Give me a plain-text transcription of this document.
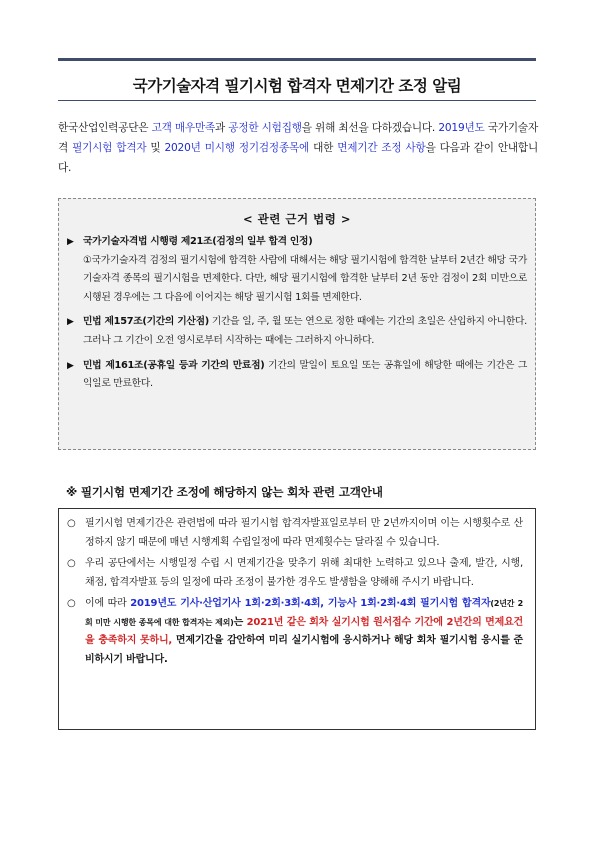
국가기술자격 필기시험 합격자 면제기간 조정 알림
한국산업인력공단은 고객 매우만족과 공정한 시험집행을 위해 최선을 다하겠습니다. 2019년도 국가기술자격 필기시험 합격자 및 2020년 미시행 정기검정종목에 대한 면제기간 조정 사항을 다음과 같이 안내합니다.
< 관련 근거 법령 >
▶ 국가기술자격법 시행령 제21조(검정의 일부 합격 인정)
①국가기술자격 검정의 필기시험에 합격한 사람에 대해서는 해당 필기시험에 합격한 날부터 2년간 해당 국가기술자격 종목의 필기시험을 면제한다. 다만, 해당 필기시험에 합격한 날부터 2년 동안 검정이 2회 미만으로 시행된 경우에는 그 다음에 이어지는 해당 필기시험 1회를 면제한다.
▶ 민법 제157조(기간의 기산점) 기간을 일, 주, 월 또는 연으로 정한 때에는 기간의 초일은 산입하지 아니한다. 그러나 그 기간이 오전 영시로부터 시작하는 때에는 그러하지 아니하다.
▶ 민법 제161조(공휴일 등과 기간의 만료점) 기간의 말일이 토요일 또는 공휴일에 해당한 때에는 기간은 그 익일로 만료한다.
※ 필기시험 면제기간 조정에 해당하지 않는 회차 관련 고객안내
○ 필기시험 면제기간은 관련법에 따라 필기시험 합격자발표일로부터 만 2년까지이며 이는 시행횟수로 산정하지 않기 때문에 매년 시행계획 수립일정에 따라 면제횟수는 달라질 수 있습니다.
○ 우리 공단에서는 시행일정 수립 시 면제기간을 맞추기 위해 최대한 노력하고 있으나 출제, 발간, 시행, 채점, 합격자발표 등의 일정에 따라 조정이 불가한 경우도 발생함을 양해해 주시기 바랍니다.
○ 이에 따라 2019년도 기사·산업기사 1회·2회·3회·4회, 기능사 1회·2회·4회 필기시험 합격자(2년간 2회 미만 시행한 종목에 대한 합격자는 제외)는 2021년 같은 회차 실기시험 원서접수 기간에 2년간의 면제요건을 충족하지 못하니, 면제기간을 감안하여 미리 실기시험에 응시하거나 해당 회차 필기시험 응시를 준비하시기 바랍니다.
